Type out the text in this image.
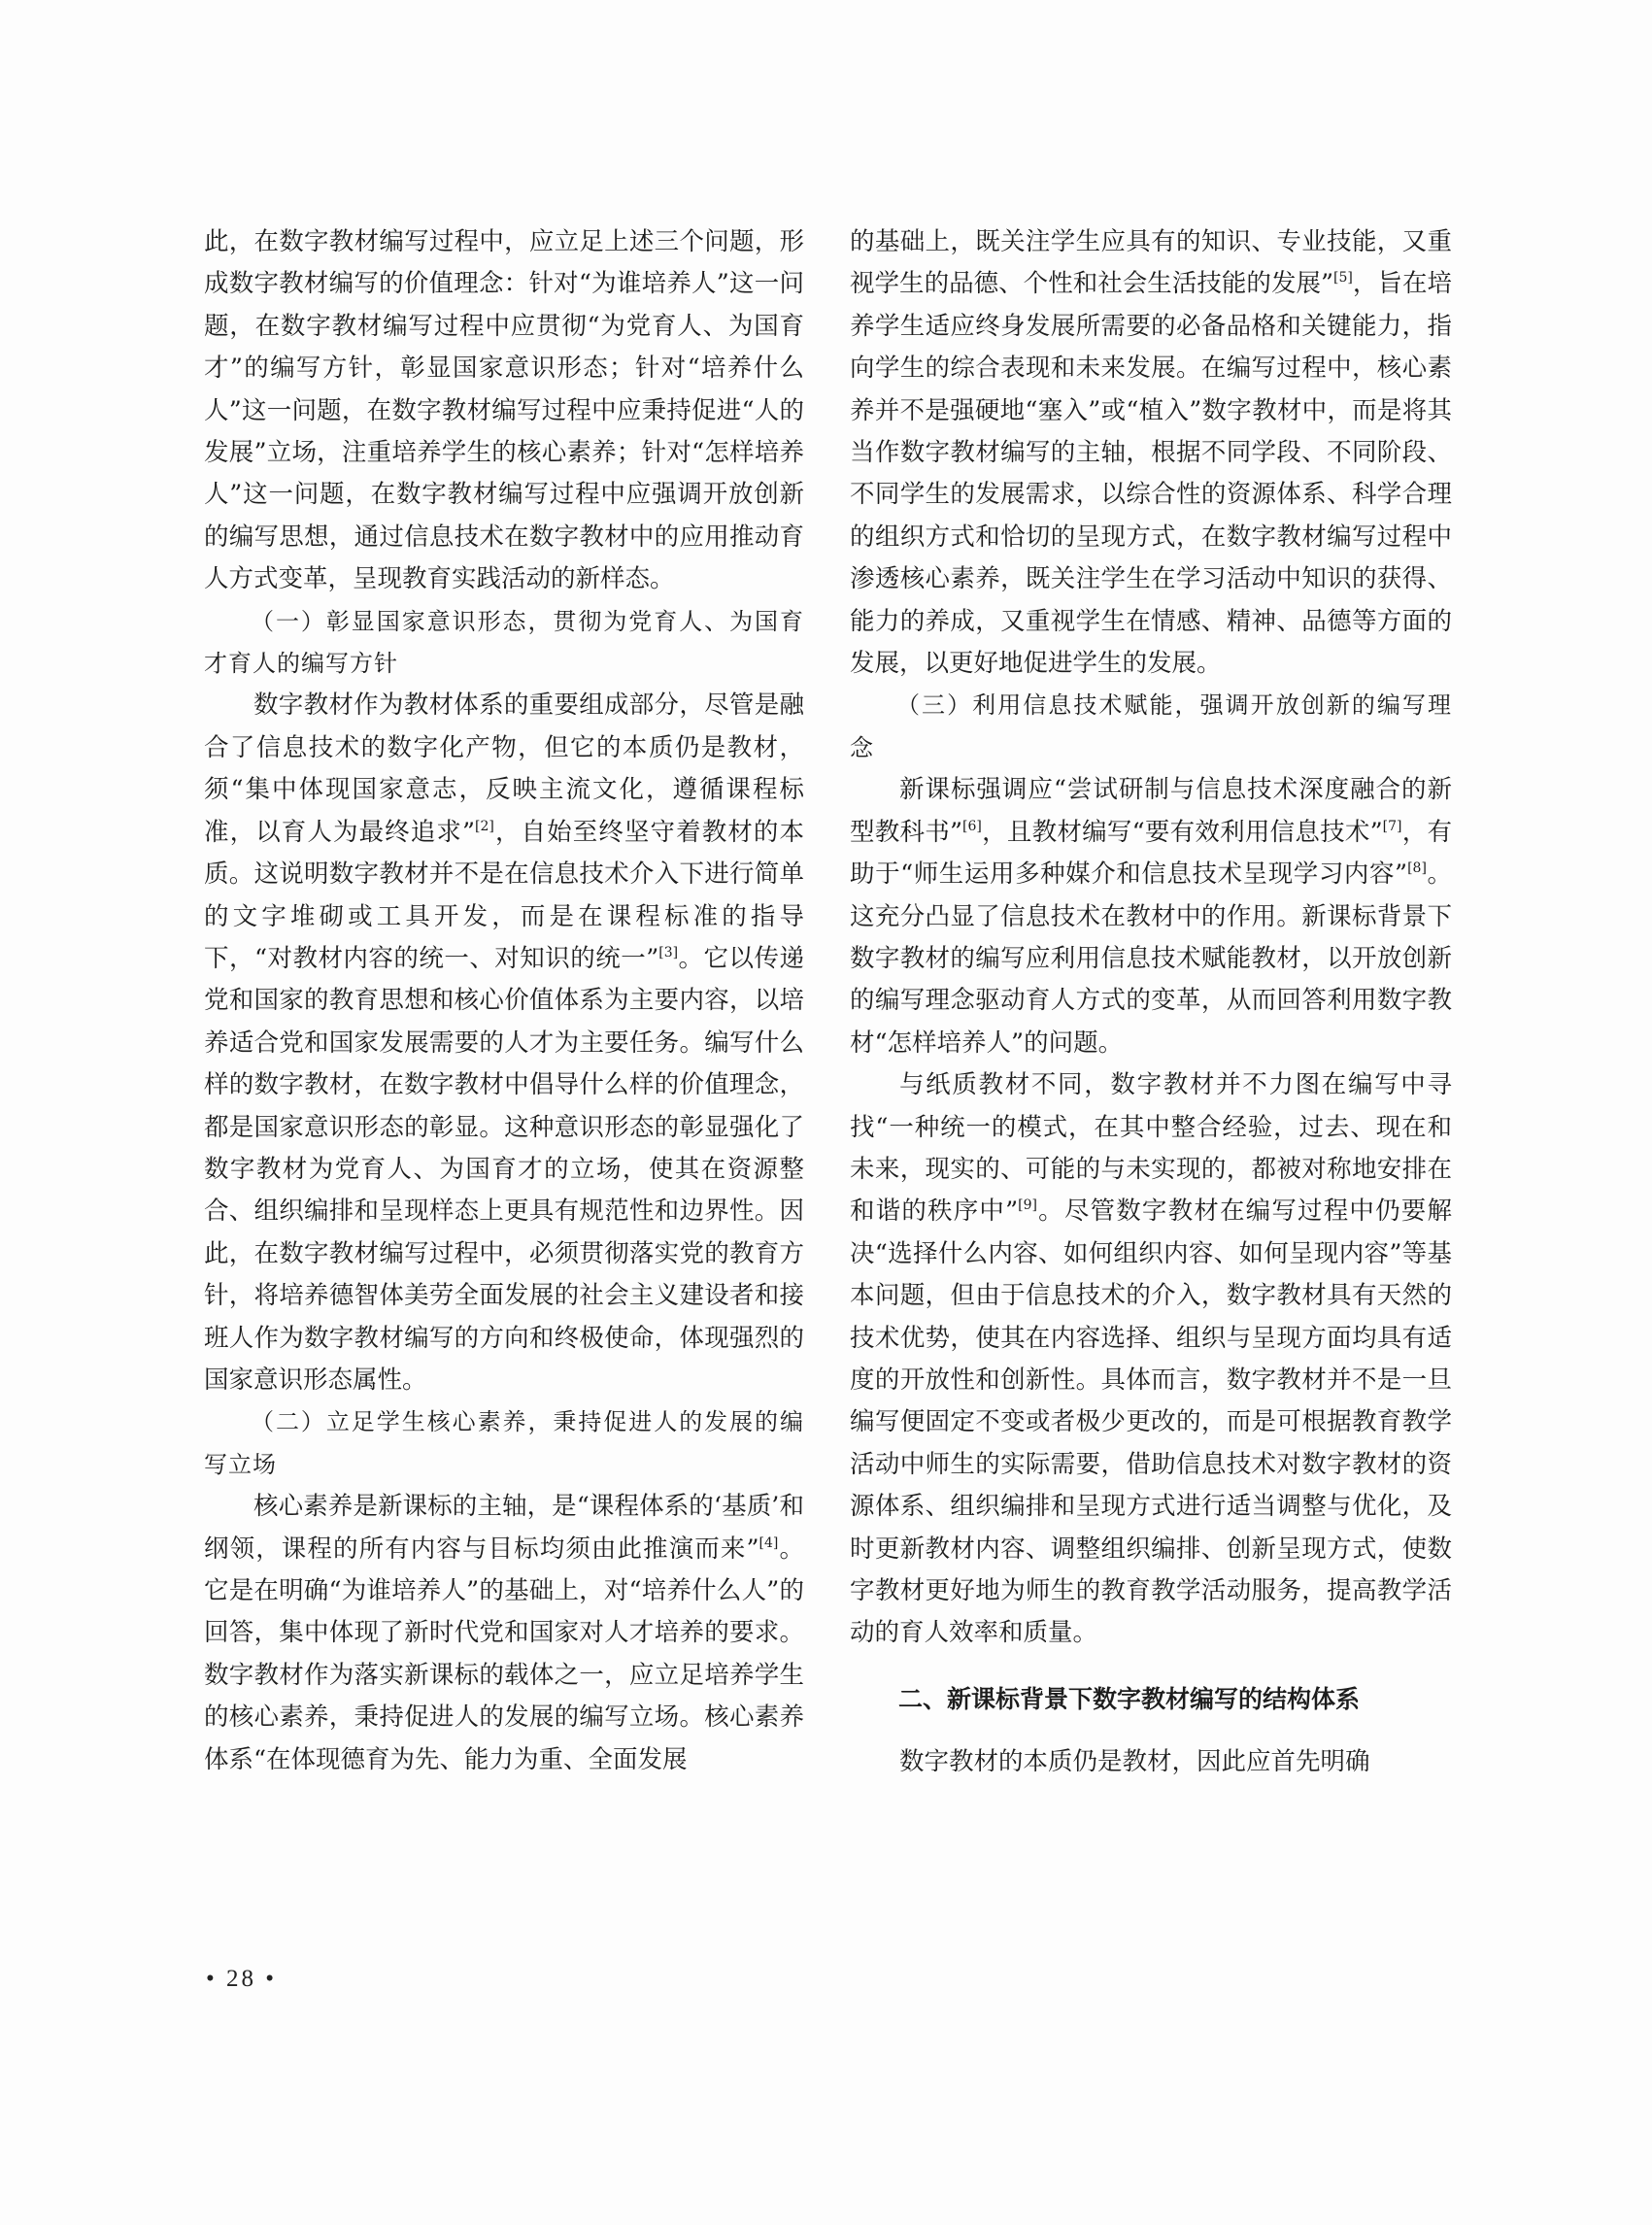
此，在数字教材编写过程中，应立足上述三个问题，形成数字教材编写的价值理念：针对“为谁培养人”这一问题，在数字教材编写过程中应贯彻“为党育人、为国育才”的编写方针，彰显国家意识形态；针对“培养什么人”这一问题，在数字教材编写过程中应秉持促进“人的发展”立场，注重培养学生的核心素养；针对“怎样培养人”这一问题，在数字教材编写过程中应强调开放创新的编写思想，通过信息技术在数字教材中的应用推动育人方式变革，呈现教育实践活动的新样态。

（一）彰显国家意识形态，贯彻为党育人、为国育才育人的编写方针

数字教材作为教材体系的重要组成部分，尽管是融合了信息技术的数字化产物，但它的本质仍是教材，须“集中体现国家意志，反映主流文化，遵循课程标准，以育人为最终追求”[2]，自始至终坚守着教材的本质。这说明数字教材并不是在信息技术介入下进行简单的文字堆砌或工具开发，而是在课程标准的指导下，“对教材内容的统一、对知识的统一”[3]。它以传递党和国家的教育思想和核心价值体系为主要内容，以培养适合党和国家发展需要的人才为主要任务。编写什么样的数字教材，在数字教材中倡导什么样的价值理念，都是国家意识形态的彰显。这种意识形态的彰显强化了数字教材为党育人、为国育才的立场，使其在资源整合、组织编排和呈现样态上更具有规范性和边界性。因此，在数字教材编写过程中，必须贯彻落实党的教育方针，将培养德智体美劳全面发展的社会主义建设者和接班人作为数字教材编写的方向和终极使命，体现强烈的国家意识形态属性。

（二）立足学生核心素养，秉持促进人的发展的编写立场

核心素养是新课标的主轴，是“课程体系的‘基质’和纲领，课程的所有内容与目标均须由此推演而来”[4]。它是在明确“为谁培养人”的基础上，对“培养什么人”的回答，集中体现了新时代党和国家对人才培养的要求。数字教材作为落实新课标的载体之一，应立足培养学生的核心素养，秉持促进人的发展的编写立场。核心素养体系“在体现德育为先、能力为重、全面发展

的基础上，既关注学生应具有的知识、专业技能，又重视学生的品德、个性和社会生活技能的发展”[5]，旨在培养学生适应终身发展所需要的必备品格和关键能力，指向学生的综合表现和未来发展。在编写过程中，核心素养并不是强硬地“塞入”或“植入”数字教材中，而是将其当作数字教材编写的主轴，根据不同学段、不同阶段、不同学生的发展需求，以综合性的资源体系、科学合理的组织方式和恰切的呈现方式，在数字教材编写过程中渗透核心素养，既关注学生在学习活动中知识的获得、能力的养成，又重视学生在情感、精神、品德等方面的发展，以更好地促进学生的发展。

（三）利用信息技术赋能，强调开放创新的编写理念

新课标强调应“尝试研制与信息技术深度融合的新型教科书”[6]，且教材编写“要有效利用信息技术”[7]，有助于“师生运用多种媒介和信息技术呈现学习内容”[8]。这充分凸显了信息技术在教材中的作用。新课标背景下数字教材的编写应利用信息技术赋能教材，以开放创新的编写理念驱动育人方式的变革，从而回答利用数字教材“怎样培养人”的问题。

与纸质教材不同，数字教材并不力图在编写中寻找“一种统一的模式，在其中整合经验，过去、现在和未来，现实的、可能的与未实现的，都被对称地安排在和谐的秩序中”[9]。尽管数字教材在编写过程中仍要解决“选择什么内容、如何组织内容、如何呈现内容”等基本问题，但由于信息技术的介入，数字教材具有天然的技术优势，使其在内容选择、组织与呈现方面均具有适度的开放性和创新性。具体而言，数字教材并不是一旦编写便固定不变或者极少更改的，而是可根据教育教学活动中师生的实际需要，借助信息技术对数字教材的资源体系、组织编排和呈现方式进行适当调整与优化，及时更新教材内容、调整组织编排、创新呈现方式，使数字教材更好地为师生的教育教学活动服务，提高教学活动的育人效率和质量。

二、新课标背景下数字教材编写的结构体系

数字教材的本质仍是教材，因此应首先明确

• 28 •
